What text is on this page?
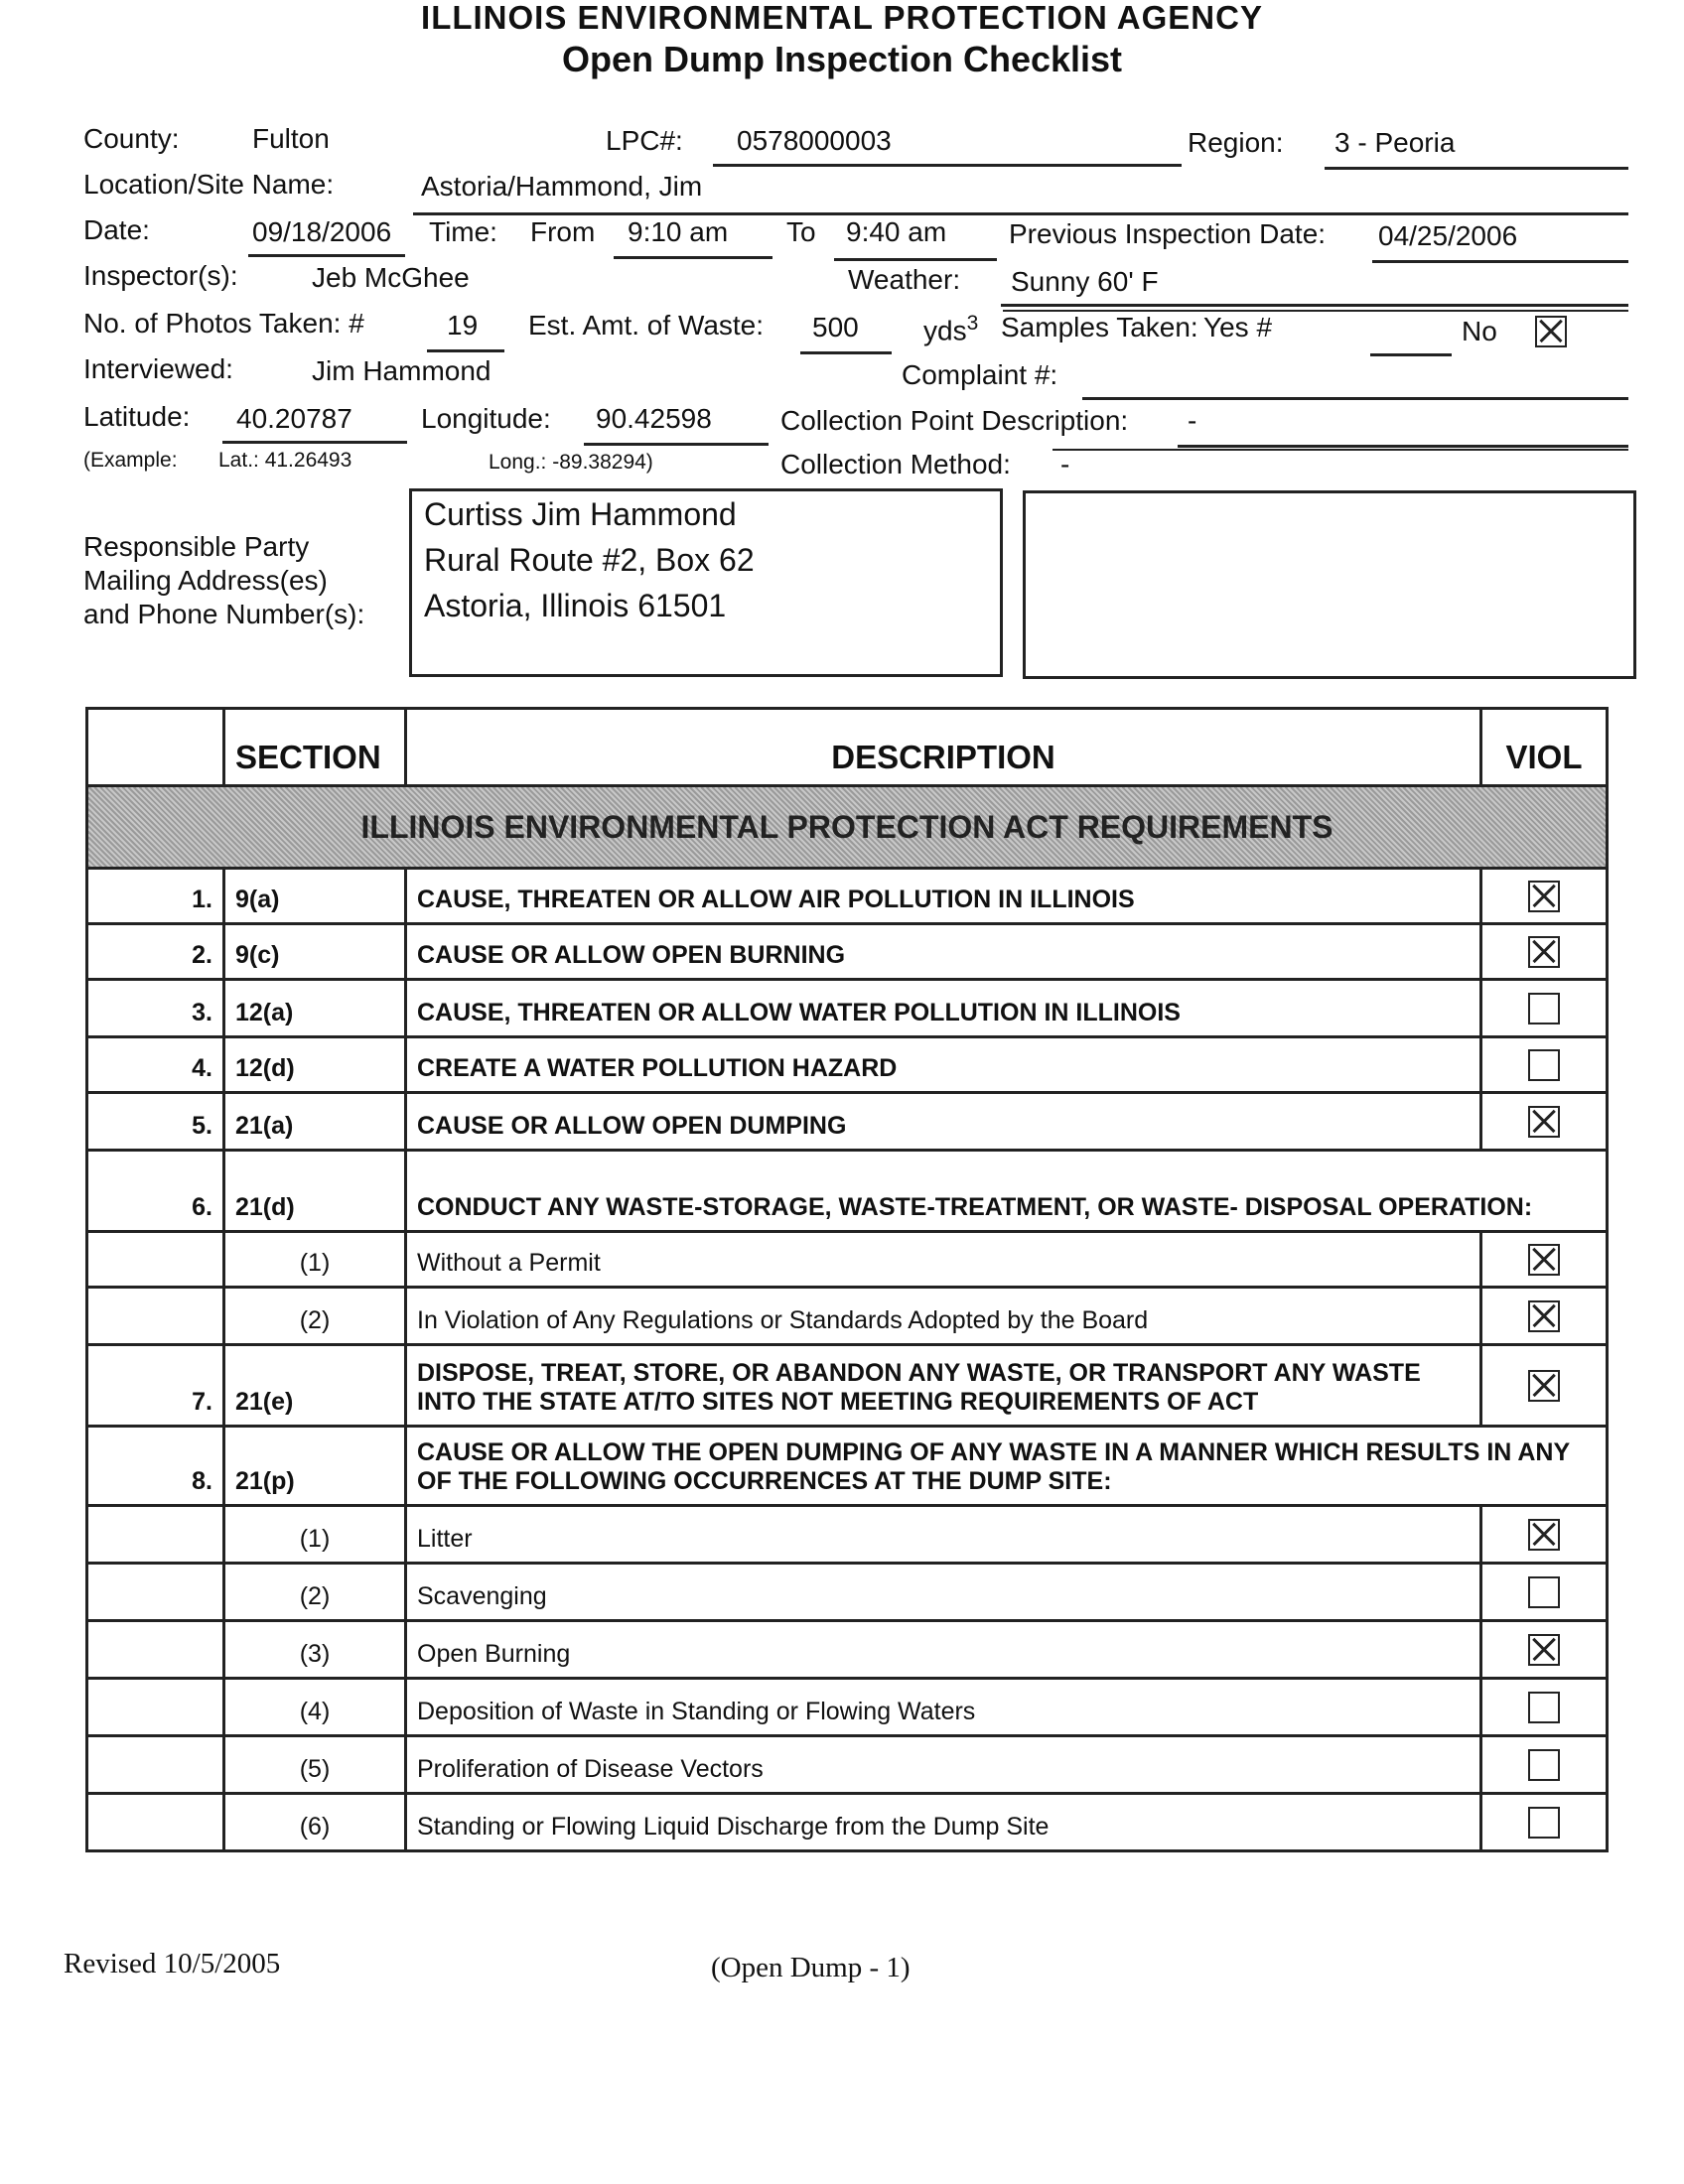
ILLINOIS ENVIRONMENTAL PROTECTION AGENCY
Open Dump Inspection Checklist
County:	Fulton	LPC#: 0578000003	Region: 3 - Peoria
Location/Site Name:	Astoria/Hammond, Jim
Date:	09/18/2006 Time: From 9:10 am To 9:40 am Previous Inspection Date: 04/25/2006
Inspector(s):	Jeb McGhee	Weather: Sunny 60' F
No. of Photos Taken: #	19 Est. Amt. of Waste: 500 yds$^3$ Samples Taken: Yes #	No
Interviewed:	Jim Hammond	Complaint #:
Latitude: 40.20787 Longitude: 90.42598 Collection Point Description: -
(Example: Lat.: 41.26493	Long.: -89.38294)	Collection Method: -
Responsible Party
Mailing Address(es)
and Phone Number(s):
Curtiss Jim Hammond
Rural Route #2, Box 62
Astoria, Illinois 61501
	SECTION	DESCRIPTION	VIOL
ILLINOIS ENVIRONMENTAL PROTECTION ACT REQUIREMENTS			
1.	9(a)	CAUSE, THREATEN OR ALLOW AIR POLLUTION IN ILLINOIS	
2.	9(c)	CAUSE OR ALLOW OPEN BURNING	
3.	12(a)	CAUSE, THREATEN OR ALLOW WATER POLLUTION IN ILLINOIS	
4.	12(d)	CREATE A WATER POLLUTION HAZARD	
5.	21(a)	CAUSE OR ALLOW OPEN DUMPING	
6.	21(d)	CONDUCT ANY WASTE-STORAGE, WASTE-TREATMENT, OR WASTE- DISPOSAL OPERATION:	
	(1)	Without a Permit	
	(2)	In Violation of Any Regulations or Standards Adopted by the Board	
7.	21(e)	DISPOSE, TREAT, STORE, OR ABANDON ANY WASTE, OR TRANSPORT ANY WASTE INTO THE STATE AT/TO SITES NOT MEETING REQUIREMENTS OF ACT	
8.	21(p)	CAUSE OR ALLOW THE OPEN DUMPING OF ANY WASTE IN A MANNER WHICH RESULTS IN ANY OF THE FOLLOWING OCCURRENCES AT THE DUMP SITE:	
	(1)	Litter	
	(2)	Scavenging	
	(3)	Open Burning	
	(4)	Deposition of Waste in Standing or Flowing Waters	
	(5)	Proliferation of Disease Vectors	
	(6)	Standing or Flowing Liquid Discharge from the Dump Site	
Revised 10/5/2005	(Open Dump - 1)
